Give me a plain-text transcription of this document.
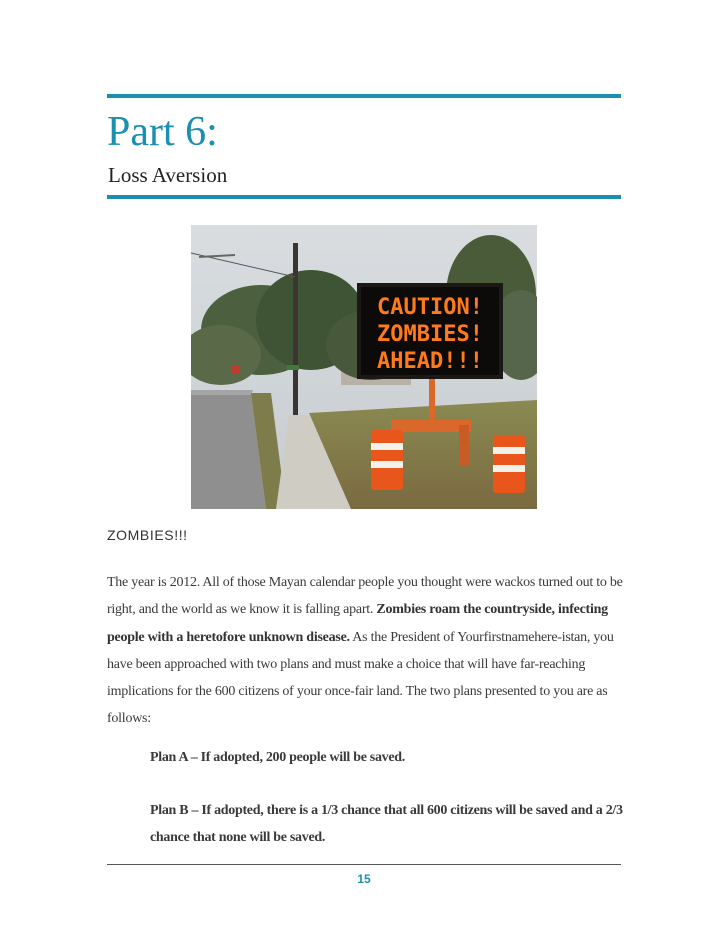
Part 6:
Loss Aversion
CAUTION!
ZOMBIES!
AHEAD!!!
ZOMBIES!!!

The year is 2012. All of those Mayan calendar people you thought were wackos turned out to be right, and the world as we know it is falling apart. Zombies roam the countryside, infecting people with a heretofore unknown disease. As the President of Yourfirstnamehere-istan, you have been approached with two plans and must make a choice that will have far-reaching implications for the 600 citizens of your once-fair land. The two plans presented to you are as follows:

Plan A – If adopted, 200 people will be saved.

Plan B – If adopted, there is a 1/3 chance that all 600 citizens will be saved and a 2/3 chance that none will be saved.

15
